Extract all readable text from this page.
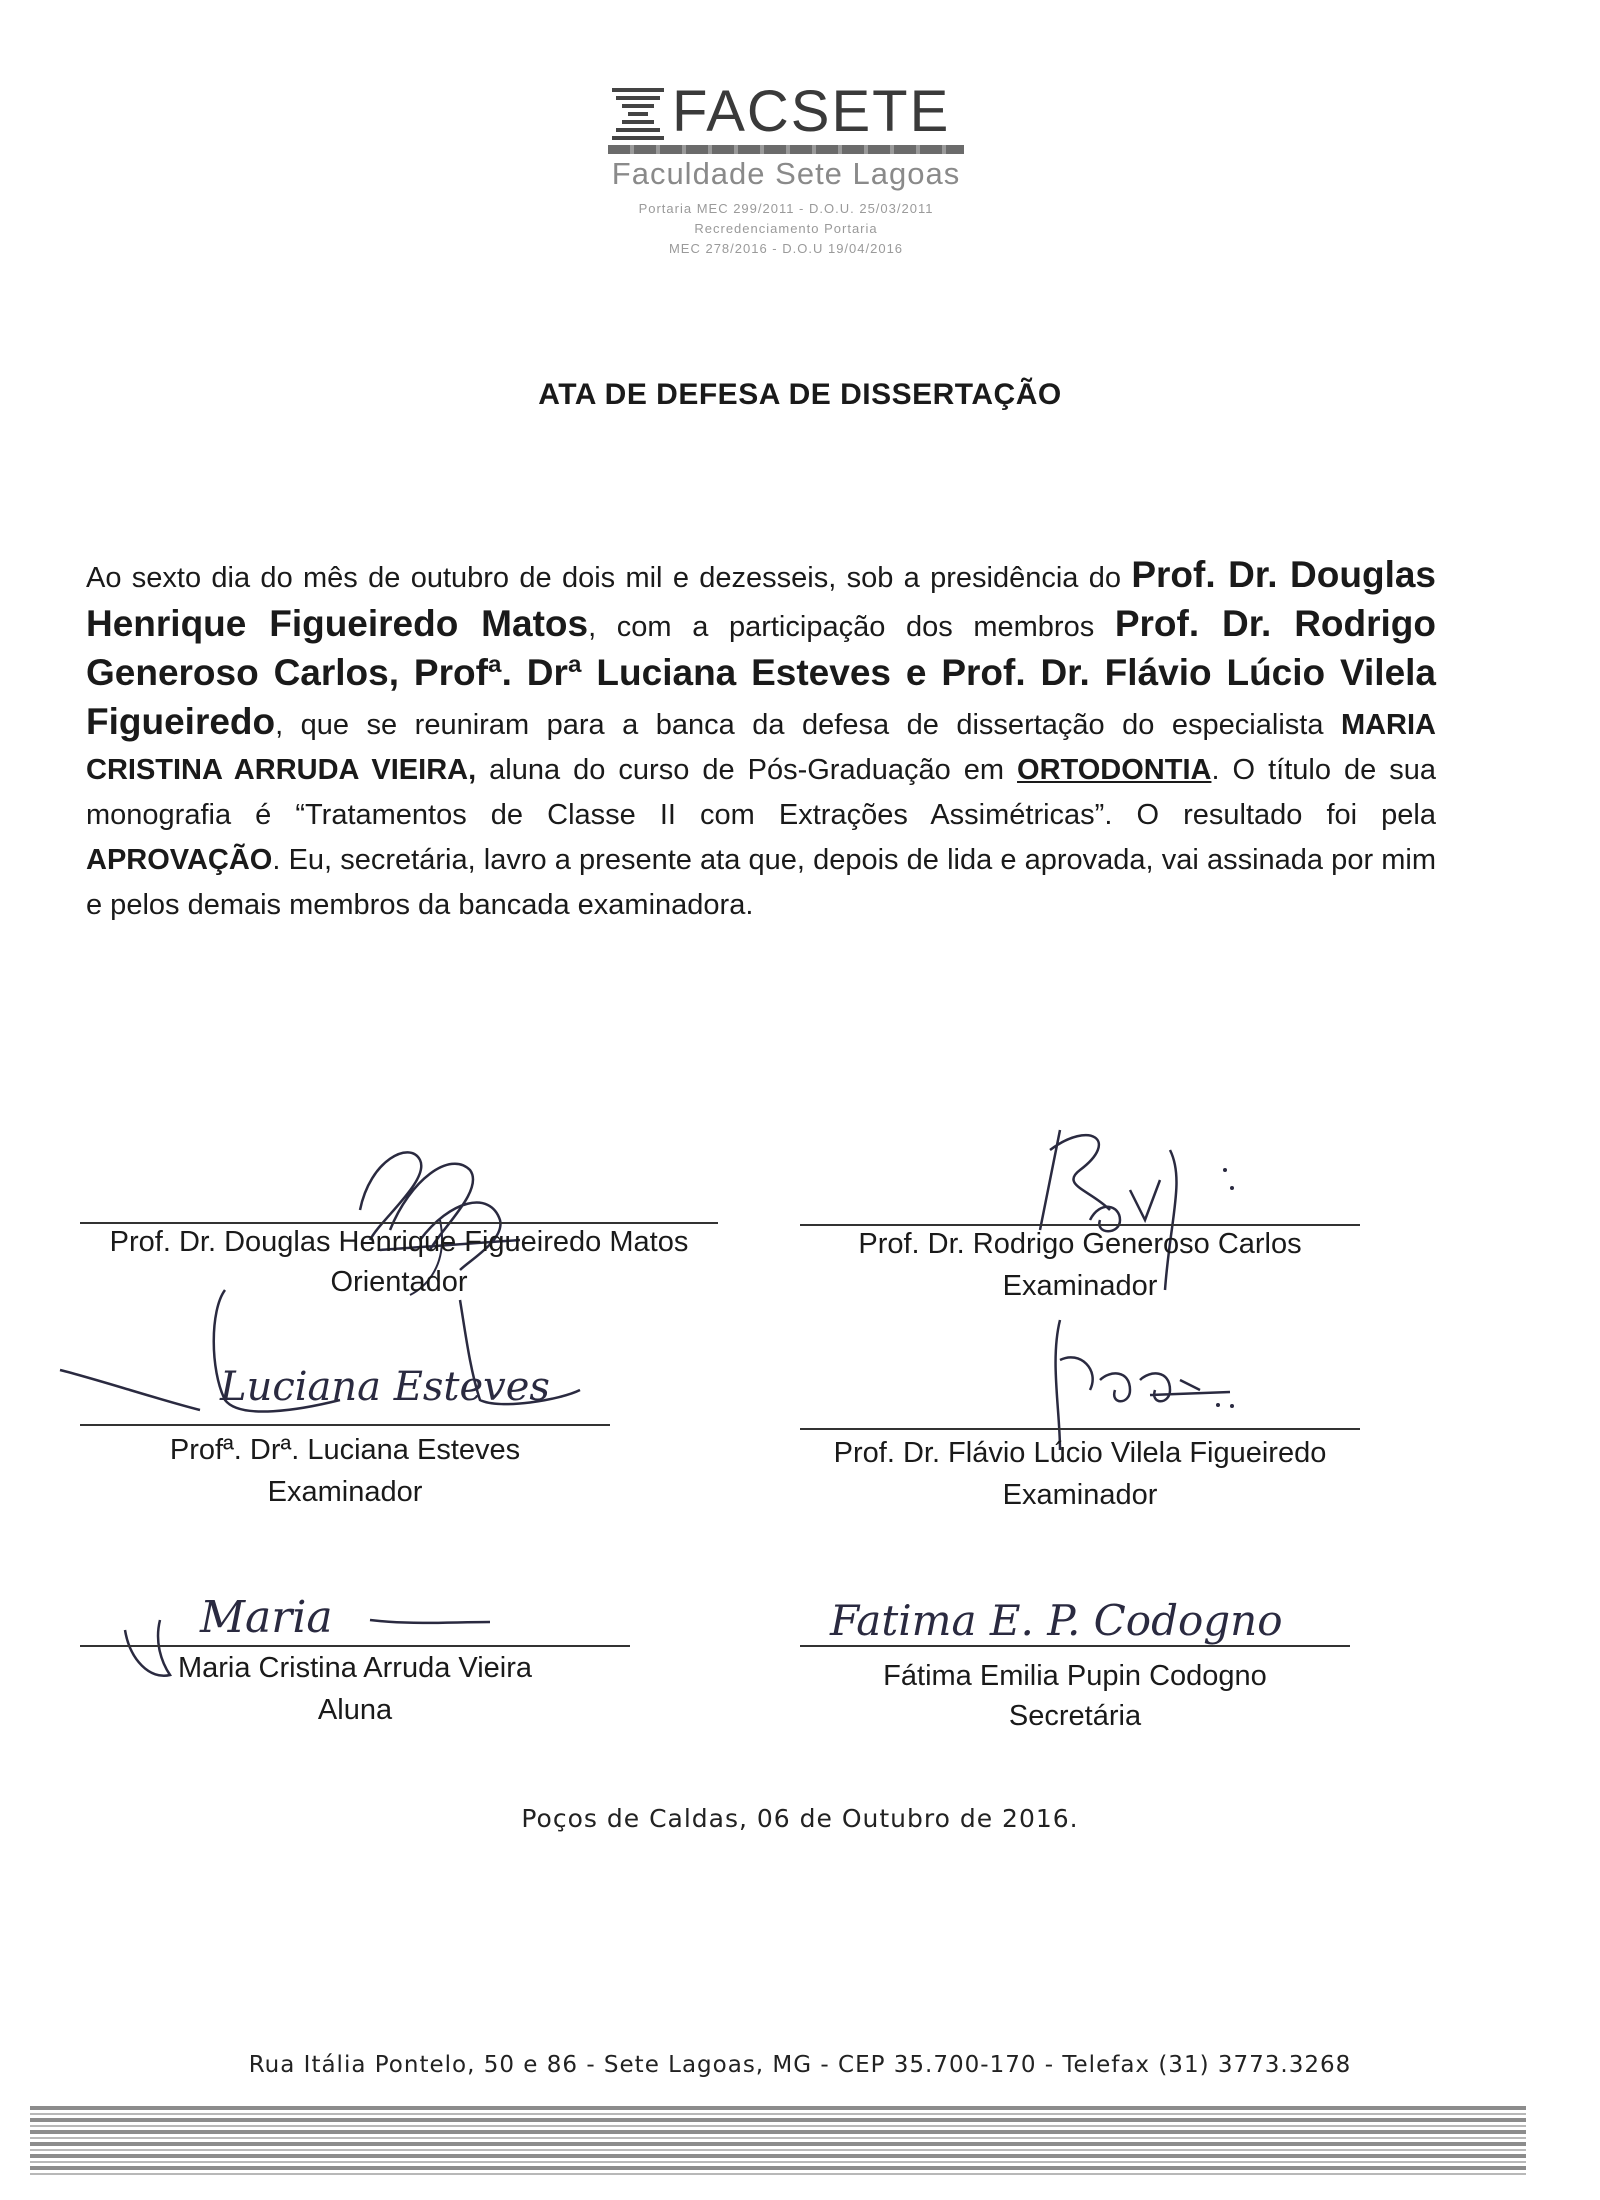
FACSETE
Faculdade Sete Lagoas
Portaria MEC 299/2011 - D.O.U. 25/03/2011
Recredenciamento Portaria
MEC 278/2016 - D.O.U 19/04/2016
ATA DE DEFESA DE DISSERTAÇÃO
Ao sexto dia do mês de outubro de dois mil e dezesseis, sob a presidência do Prof. Dr. Douglas Henrique Figueiredo Matos, com a participação dos membros Prof. Dr. Rodrigo Generoso Carlos, Profª. Drª Luciana Esteves e Prof. Dr. Flávio Lúcio Vilela Figueiredo, que se reuniram para a banca da defesa de dissertação do especialista MARIA CRISTINA ARRUDA VIEIRA, aluna do curso de Pós-Graduação em ORTODONTIA. O título de sua monografia é “Tratamentos de Classe II com Extrações Assimétricas”. O resultado foi pela APROVAÇÃO. Eu, secretária, lavro a presente ata que, depois de lida e aprovada, vai assinada por mim e pelos demais membros da bancada examinadora.
Prof. Dr. Douglas Henrique Figueiredo Matos
Orientador
Prof. Dr. Rodrigo Generoso Carlos
Examinador
Luciana Esteves
Profª. Drª. Luciana Esteves
Examinador
Prof. Dr. Flávio Lúcio Vilela Figueiredo
Examinador
Maria
Maria Cristina Arruda Vieira
Aluna
Fatima E. P. Codogno
Fátima Emilia Pupin Codogno
Secretária
Poços de Caldas, 06 de Outubro de 2016.
Rua Itália Pontelo, 50 e 86 - Sete Lagoas, MG - CEP 35.700-170 - Telefax (31) 3773.3268
